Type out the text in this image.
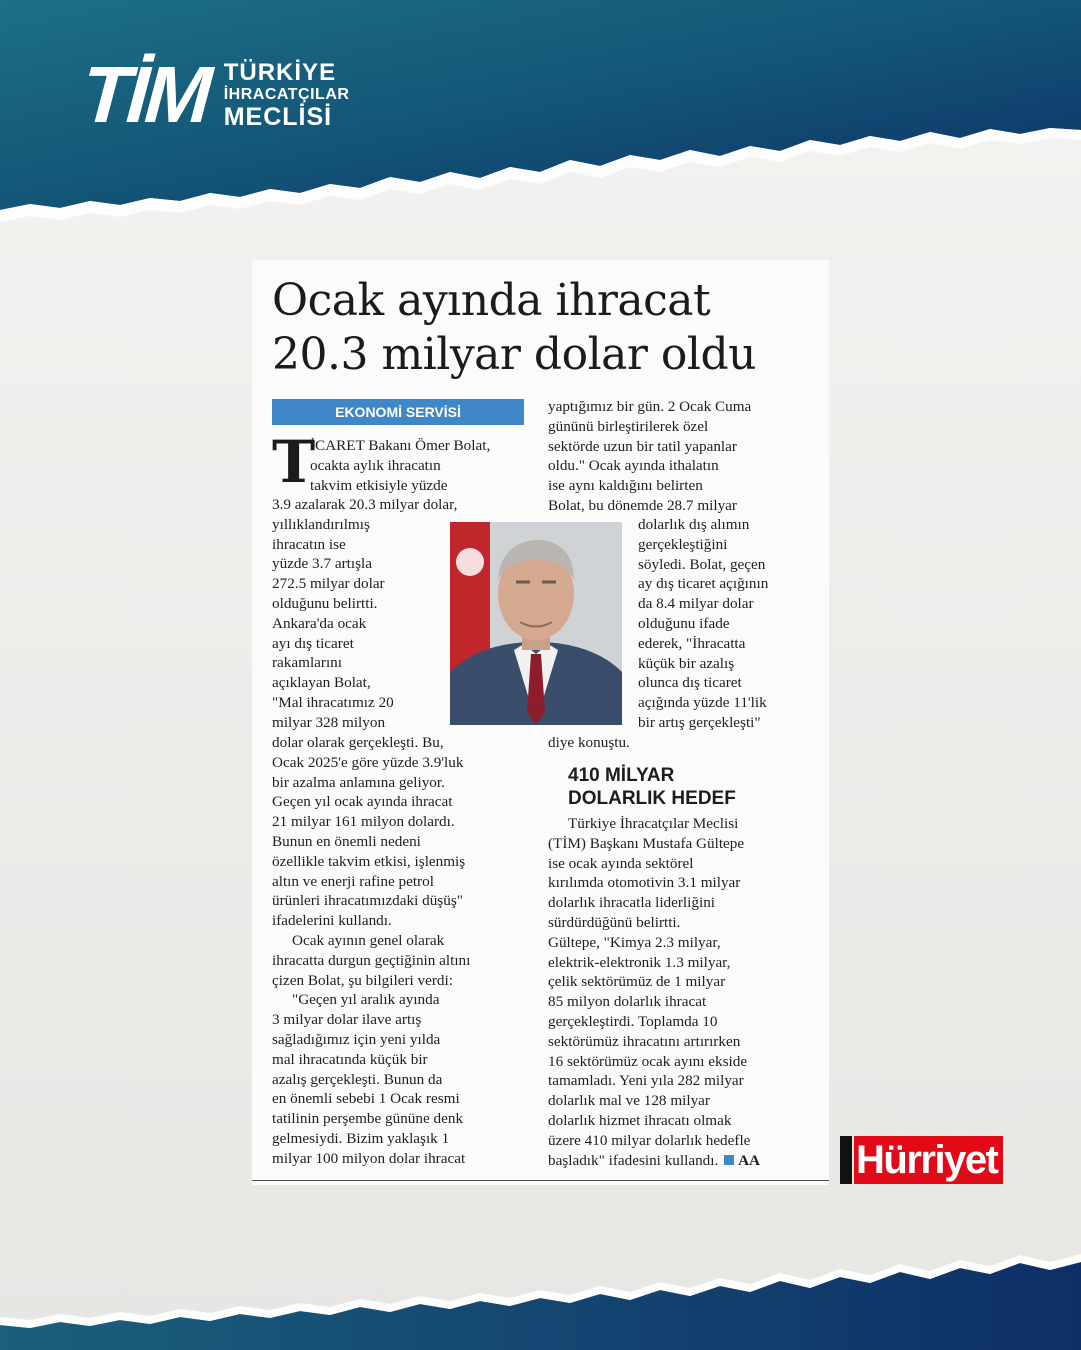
TİM TÜRKİYE
İHRACATÇILAR
MECLİSİ
Ocak ayında ihracat
20.3 milyar dolar oldu
EKONOMİ SERVİSİ
T

İCARET Bakanı Ömer Bolat,

ocakta aylık ihracatın

takvim etkisiyle yüzde

3.9 azalarak 20.3 milyar dolar,

yıllıklandırılmış

ihracatın ise

yüzde 3.7 artışla

272.5 milyar dolar

olduğunu belirtti.

Ankara'da ocak

ayı dış ticaret

rakamlarını

açıklayan Bolat,

"Mal ihracatımız 20

milyar 328 milyon

dolar olarak gerçekleşti. Bu,

Ocak 2025'e göre yüzde 3.9'luk

bir azalma anlamına geliyor.

Geçen yıl ocak ayında ihracat

21 milyar 161 milyon dolardı.

Bunun en önemli nedeni

özellikle takvim etkisi, işlenmiş

altın ve enerji rafine petrol

ürünleri ihracatımızdaki düşüş"

ifadelerini kullandı.

Ocak ayının genel olarak

ihracatta durgun geçtiğinin altını

çizen Bolat, şu bilgileri verdi:

"Geçen yıl aralık ayında

3 milyar dolar ilave artış

sağladığımız için yeni yılda

mal ihracatında küçük bir

azalış gerçekleşti. Bunun da

en önemli sebebi 1 Ocak resmi

tatilinin perşembe gününe denk

gelmesiydi. Bizim yaklaşık 1

milyar 100 milyon dolar ihracat

yaptığımız bir gün. 2 Ocak Cuma

gününü birleştirilerek özel

sektörde uzun bir tatil yapanlar

oldu." Ocak ayında ithalatın

ise aynı kaldığını belirten

Bolat, bu dönemde 28.7 milyar

dolarlık dış alımın

gerçekleştiğini

söyledi. Bolat, geçen

ay dış ticaret açığının

da 8.4 milyar dolar

olduğunu ifade

ederek, "İhracatta

küçük bir azalış

olunca dış ticaret

açığında yüzde 11'lik

bir artış gerçekleşti"

410 MİLYAR
DOLARLIK HEDEF

Türkiye İhracatçılar Meclisi

(TİM) Başkanı Mustafa Gültepe

ise ocak ayında sektörel

kırılımda otomotivin 3.1 milyar

dolarlık ihracatla liderliğini

sürdürdüğünü belirtti.

Gültepe, "Kimya 2.3 milyar,

elektrik-elektronik 1.3 milyar,

çelik sektörümüz de 1 milyar

85 milyon dolarlık ihracat

gerçekleştirdi. Toplamda 10

sektörümüz ihracatını artırırken

16 sektörümüz ocak ayını ekside

tamamladı. Yeni yıla 282 milyar

dolarlık mal ve 128 milyar

dolarlık hizmet ihracatı olmak

üzere 410 milyar dolarlık hedefle

başladık" ifadesini kullandı. AA
diye konuştu.
Hürriyet
